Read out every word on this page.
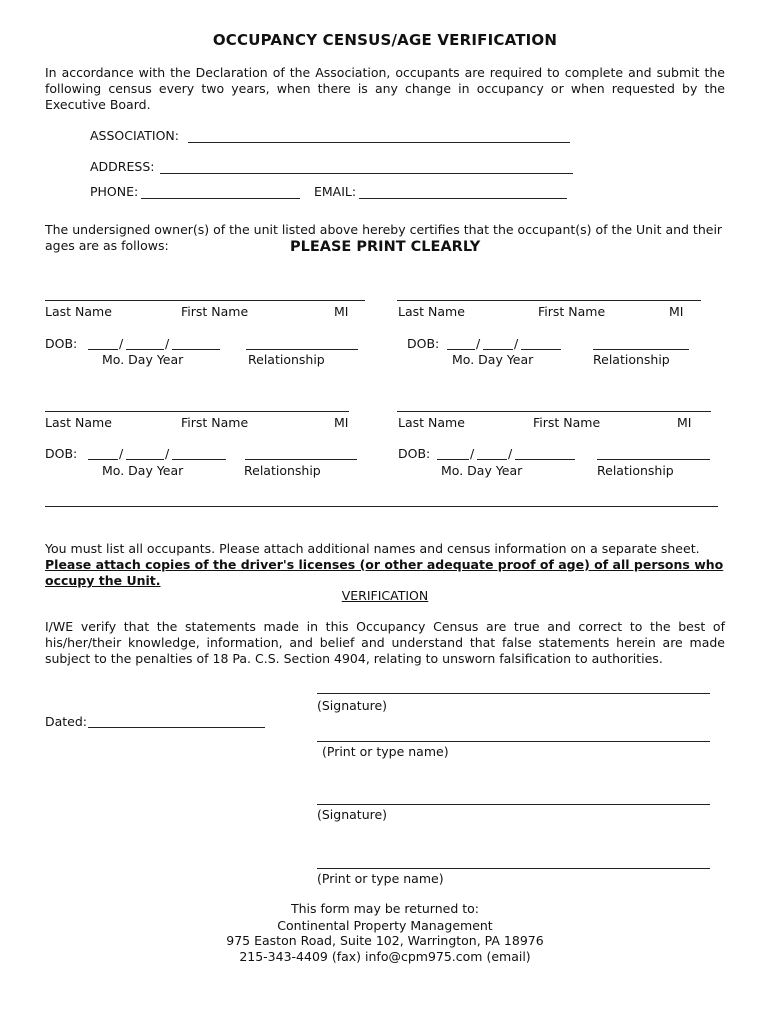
OCCUPANCY CENSUS/AGE VERIFICATION
In accordance with the Declaration of the Association, occupants are required to complete and submit the following census every two years, when there is any change in occupancy or when requested by the Executive Board.
ASSOCIATION:
ADDRESS:
PHONE:	EMAIL:
The undersigned owner(s) of the unit listed above hereby certifies that the occupant(s) of the Unit and their ages are as follows:	PLEASE PRINT CLEARLY
Last Name	First Name	MI
DOB:	/	/
Mo. Day Year	Relationship
Last Name	First Name	MI
DOB:	/	/
Mo. Day Year	Relationship
Last Name	First Name	MI
DOB:	/	/
Mo. Day Year	Relationship
Last Name	First Name	MI
DOB:	/	/
Mo. Day Year	Relationship
You must list all occupants. Please attach additional names and census information on a separate sheet.
Please attach copies of the driver's licenses (or other adequate proof of age) of all persons who occupy the Unit.
VERIFICATION
I/WE verify that the statements made in this Occupancy Census are true and correct to the best of his/her/their knowledge, information, and belief and understand that false statements herein are made subject to the penalties of 18 Pa. C.S. Section 4904, relating to unsworn falsification to authorities.
(Signature)
Dated:
(Print or type name)
(Signature)
(Print or type name)
This form may be returned to:
Continental Property Management
975 Easton Road, Suite 102, Warrington, PA 18976
215-343-4409 (fax) info@cpm975.com (email)
